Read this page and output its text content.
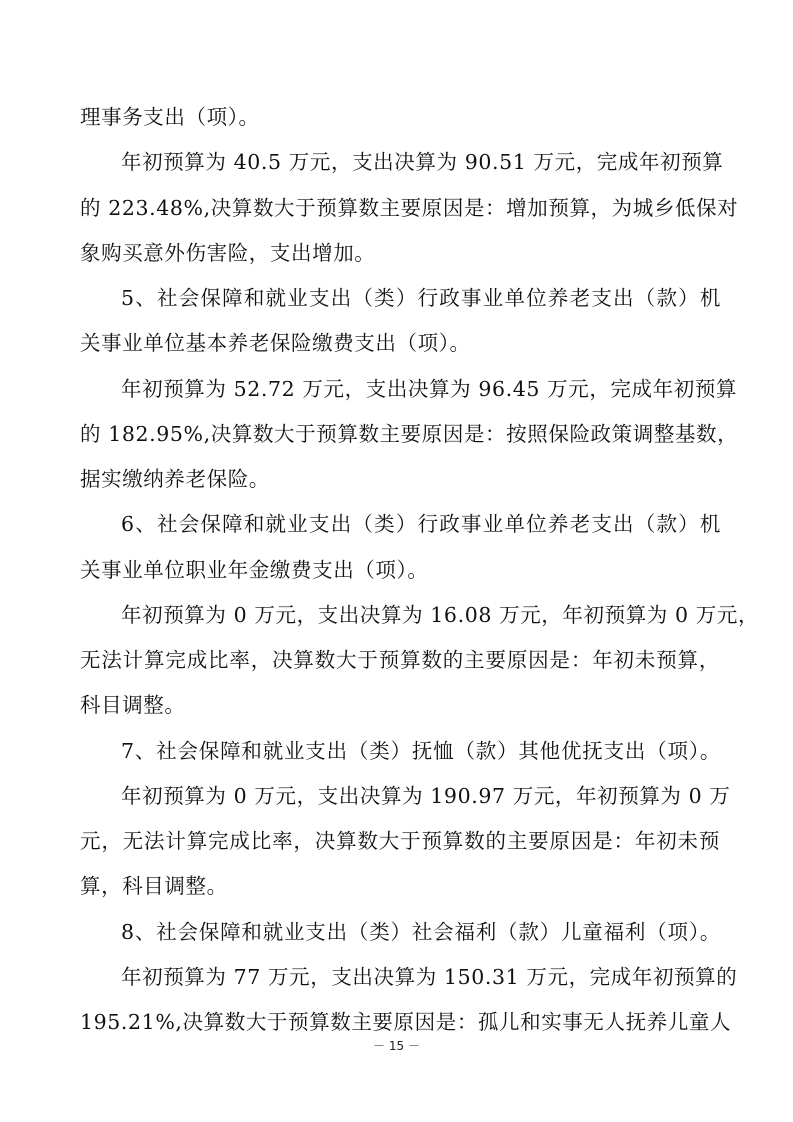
理事务支出（项）。
年初预算为 40.5 万元，支出决算为 90.51 万元，完成年初预算
的 223.48%,决算数大于预算数主要原因是：增加预算，为城乡低保对
象购买意外伤害险，支出增加。
5、社会保障和就业支出（类）行政事业单位养老支出（款）机
关事业单位基本养老保险缴费支出（项）。
年初预算为 52.72 万元，支出决算为 96.45 万元，完成年初预算
的 182.95%,决算数大于预算数主要原因是：按照保险政策调整基数，
据实缴纳养老保险。
6、社会保障和就业支出（类）行政事业单位养老支出（款）机
关事业单位职业年金缴费支出（项）。
年初预算为 0 万元，支出决算为 16.08 万元，年初预算为 0 万元，
无法计算完成比率，决算数大于预算数的主要原因是：年初未预算，
科目调整。
7、社会保障和就业支出（类）抚恤（款）其他优抚支出（项）。
年初预算为 0 万元，支出决算为 190.97 万元，年初预算为 0 万
元，无法计算完成比率，决算数大于预算数的主要原因是：年初未预
算，科目调整。
8、社会保障和就业支出（类）社会福利（款）儿童福利（项）。
年初预算为 77 万元，支出决算为 150.31 万元，完成年初预算的
195.21%,决算数大于预算数主要原因是：孤儿和实事无人抚养儿童人
－ 15 －
